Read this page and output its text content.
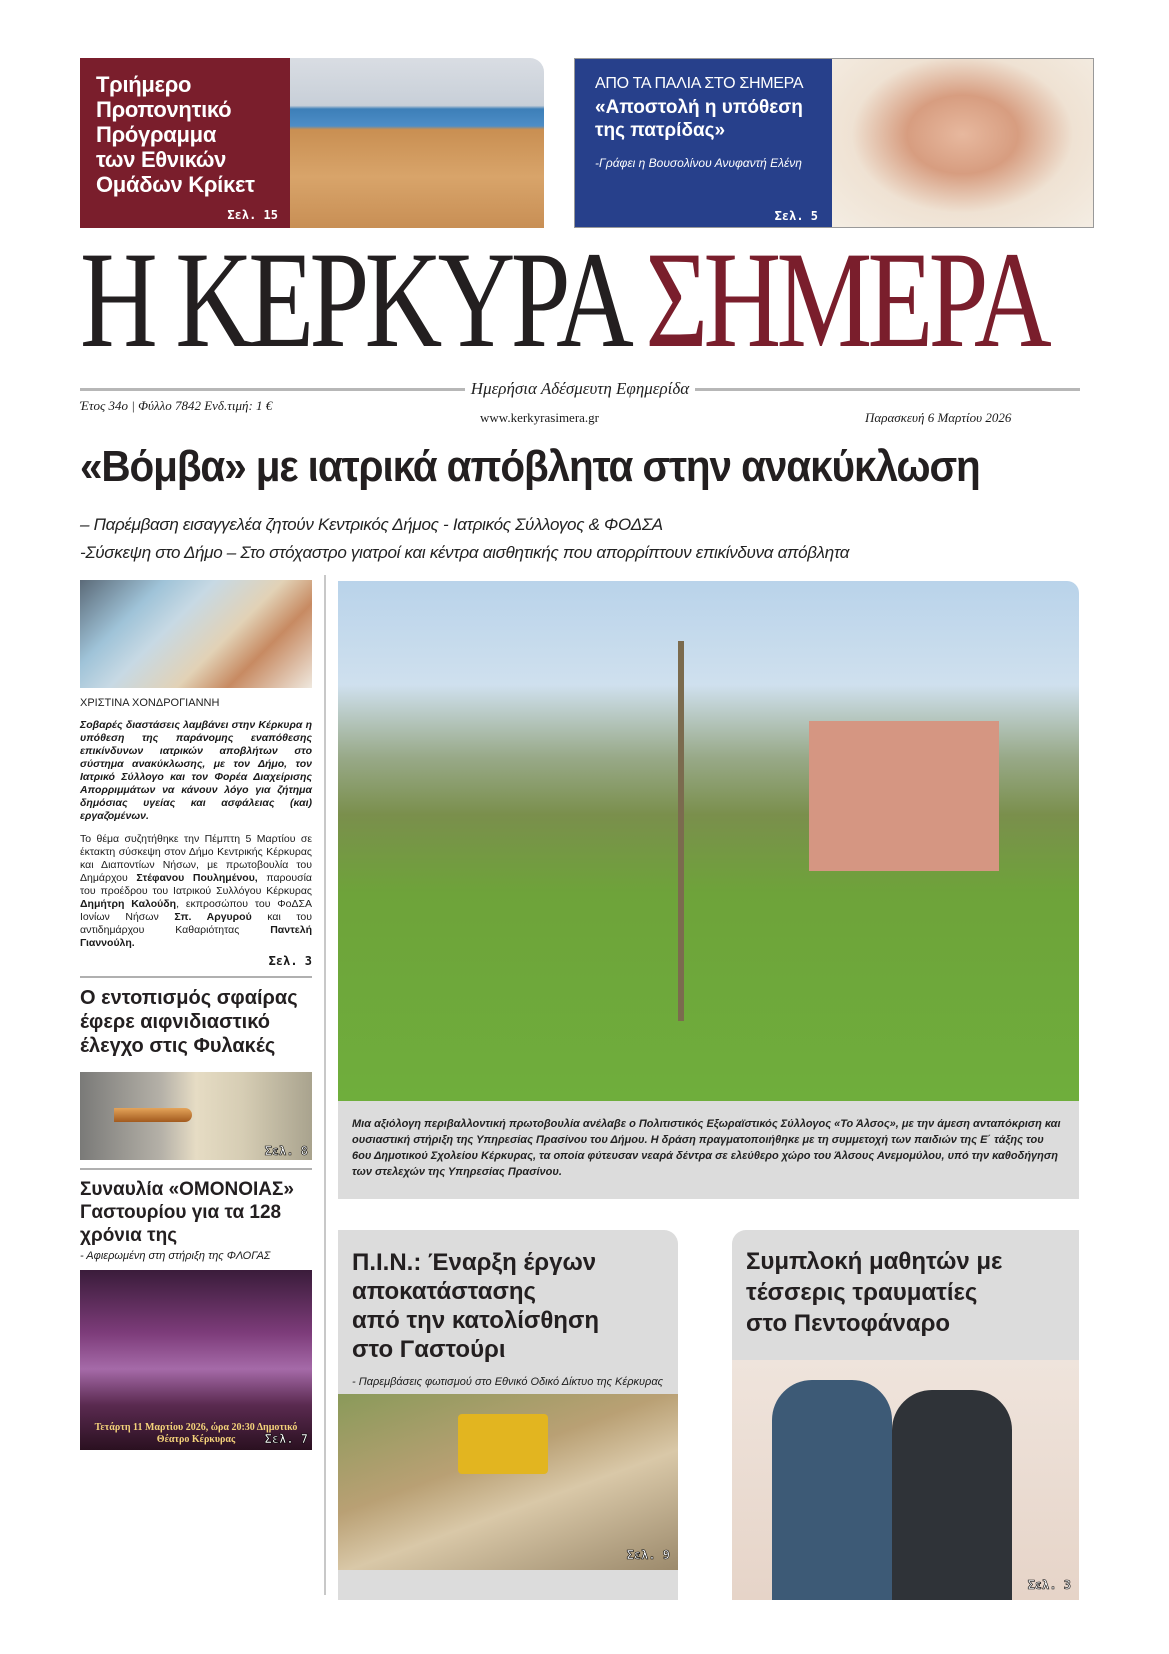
Τριήμερο
Προπονητικό
Πρόγραμμα
των Εθνικών
Ομάδων Κρίκετ
Σελ. 15
ΑΠΟ ΤΑ ΠΑΛΙΑ ΣΤΟ ΣΗΜΕΡΑ
«Αποστολή η υπόθεση
της πατρίδας»
-Γράφει η Βουσολίνου Ανυφαντή Ελένη
Σελ. 5
Η ΚΕΡΚΥΡΑ ΣΗΜΕΡΑ
Ημερήσια Αδέσμευτη Εφημερίδα
Έτος 34ο | Φύλλο 7842 Ενδ.τιμή: 1 €
www.kerkyrasimera.gr	Παρασκευή 6 Μαρτίου 2026
«Βόμβα» με ιατρικά απόβλητα στην ανακύκλωση
– Παρέμβαση εισαγγελέα ζητούν Κεντρικός Δήμος - Ιατρικός Σύλλογος & ΦΟΔΣΑ
-Σύσκεψη στο Δήμο – Στο στόχαστρο γιατροί και κέντρα αισθητικής που απορρίπτουν επικίνδυνα απόβλητα
ΧΡΙΣΤΙΝΑ ΧΟΝΔΡΟΓΙΑΝΝΗ

Σοβαρές διαστάσεις λαμβάνει στην Κέρκυρα η υπόθεση της παράνομης εναπόθεσης επικίνδυνων ιατρικών αποβλήτων στο σύστημα ανακύκλωσης, με τον Δήμο, τον Ιατρικό Σύλλογο και τον Φορέα Διαχείρισης Απορριμμάτων να κάνουν λόγο για ζήτημα δημόσιας υγείας και ασφάλειας (και) εργαζομένων.

Το θέμα συζητήθηκε την Πέμπτη 5 Μαρτίου σε έκτακτη σύσκεψη στον Δήμο Κεντρικής Κέρκυρας και Διαποντίων Νήσων, με πρωτοβουλία του Δημάρχου Στέφανου Πουλημένου, παρουσία του προέδρου του Ιατρικού Συλλόγου Κέρκυρας Δημήτρη Καλούδη, εκπροσώπου του ΦοΔΣΑ Ιονίων Νήσων Σπ. Αργυρού και του αντιδημάρχου Καθαριότητας Παντελή Γιαννούλη.

Σελ. 3
Ο εντοπισμός σφαίρας έφερε αιφνιδιαστικό έλεγχο στις Φυλακές
Σελ. 8
Συναυλία «ΟΜΟΝΟΙΑΣ» Γαστουρίου για τα 128 χρόνια της
- Αφιερωμένη στη στήριξη της ΦΛΟΓΑΣ
Τετάρτη 11 Μαρτίου 2026, ώρα 20:30 Δημοτικό Θέατρο Κέρκυρας	Σελ. 7
Μια αξιόλογη περιβαλλοντική πρωτοβουλία ανέλαβε ο Πολιτιστικός Εξωραϊστικός Σύλλογος «Το Άλσος», με την άμεση ανταπόκριση και ουσιαστική στήριξη της Υπηρεσίας Πρασίνου του Δήμου. Η δράση πραγματοποιήθηκε με τη συμμετοχή των παιδιών της Ε΄ τάξης του 6ου Δημοτικού Σχολείου Κέρκυρας, τα οποία φύτευσαν νεαρά δέντρα σε ελεύθερο χώρο του Άλσους Ανεμομύλου, υπό την καθοδήγηση των στελεχών της Υπηρεσίας Πρασίνου.
Π.Ι.Ν.: Έναρξη έργων
αποκατάστασης
από την κατολίσθηση
στο Γαστούρι
- Παρεμβάσεις φωτισμού στο Εθνικό Οδικό Δίκτυο της Κέρκυρας
Σελ. 9
Συμπλοκή μαθητών με
τέσσερις τραυματίες
στο Πεντοφάναρο
Σελ. 3
